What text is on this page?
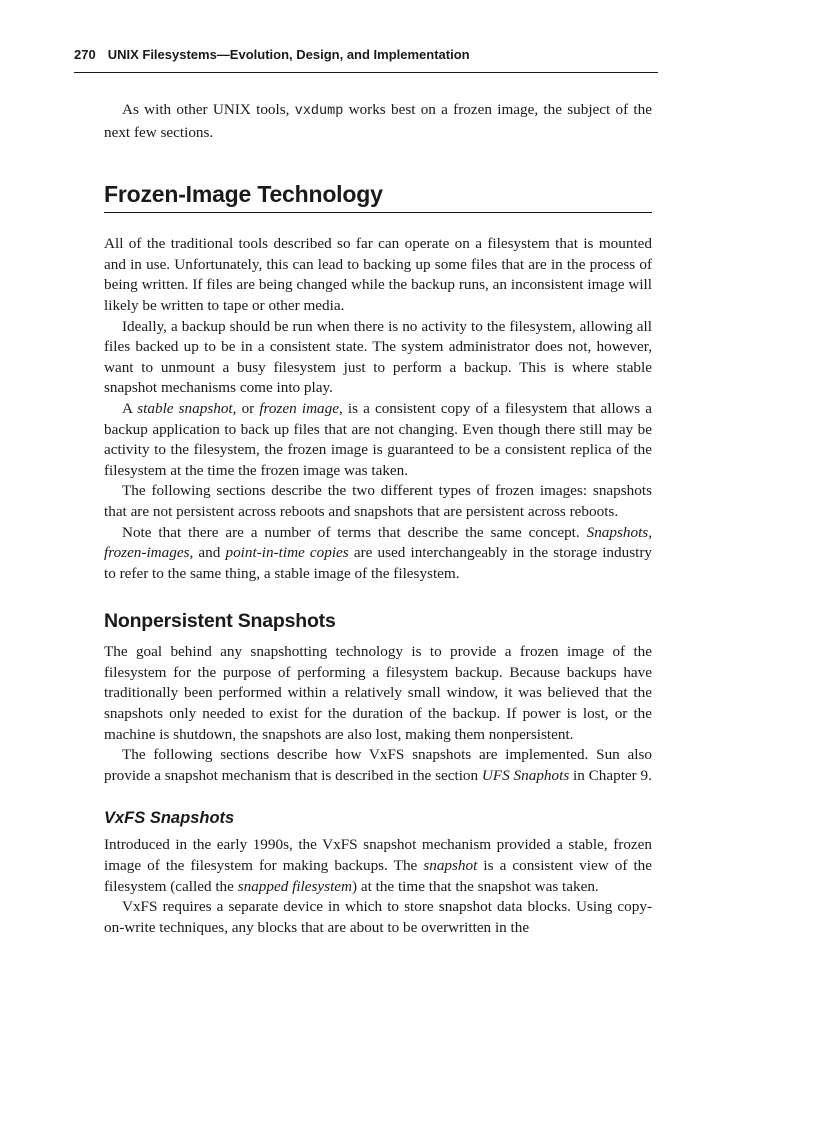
270 UNIX Filesystems—Evolution, Design, and Implementation

As with other UNIX tools, vxdump works best on a frozen image, the subject of the next few sections.

Frozen-Image Technology

All of the traditional tools described so far can operate on a filesystem that is mounted and in use. Unfortunately, this can lead to backing up some files that are in the process of being written. If files are being changed while the backup runs, an inconsistent image will likely be written to tape or other media.

Ideally, a backup should be run when there is no activity to the filesystem, allowing all files backed up to be in a consistent state. The system administrator does not, however, want to unmount a busy filesystem just to perform a backup. This is where stable snapshot mechanisms come into play.

A stable snapshot, or frozen image, is a consistent copy of a filesystem that allows a backup application to back up files that are not changing. Even though there still may be activity to the filesystem, the frozen image is guaranteed to be a consistent replica of the filesystem at the time the frozen image was taken.

The following sections describe the two different types of frozen images: snapshots that are not persistent across reboots and snapshots that are persistent across reboots.

Note that there are a number of terms that describe the same concept. Snapshots, frozen-images, and point-in-time copies are used interchangeably in the storage industry to refer to the same thing, a stable image of the filesystem.

Nonpersistent Snapshots

The goal behind any snapshotting technology is to provide a frozen image of the filesystem for the purpose of performing a filesystem backup. Because backups have traditionally been performed within a relatively small window, it was believed that the snapshots only needed to exist for the duration of the backup. If power is lost, or the machine is shutdown, the snapshots are also lost, making them nonpersistent.

The following sections describe how VxFS snapshots are implemented. Sun also provide a snapshot mechanism that is described in the section UFS Snaphots in Chapter 9.

VxFS Snapshots

Introduced in the early 1990s, the VxFS snapshot mechanism provided a stable, frozen image of the filesystem for making backups. The snapshot is a consistent view of the filesystem (called the snapped filesystem) at the time that the snapshot was taken.

VxFS requires a separate device in which to store snapshot data blocks. Using copy-on-write techniques, any blocks that are about to be overwritten in the
